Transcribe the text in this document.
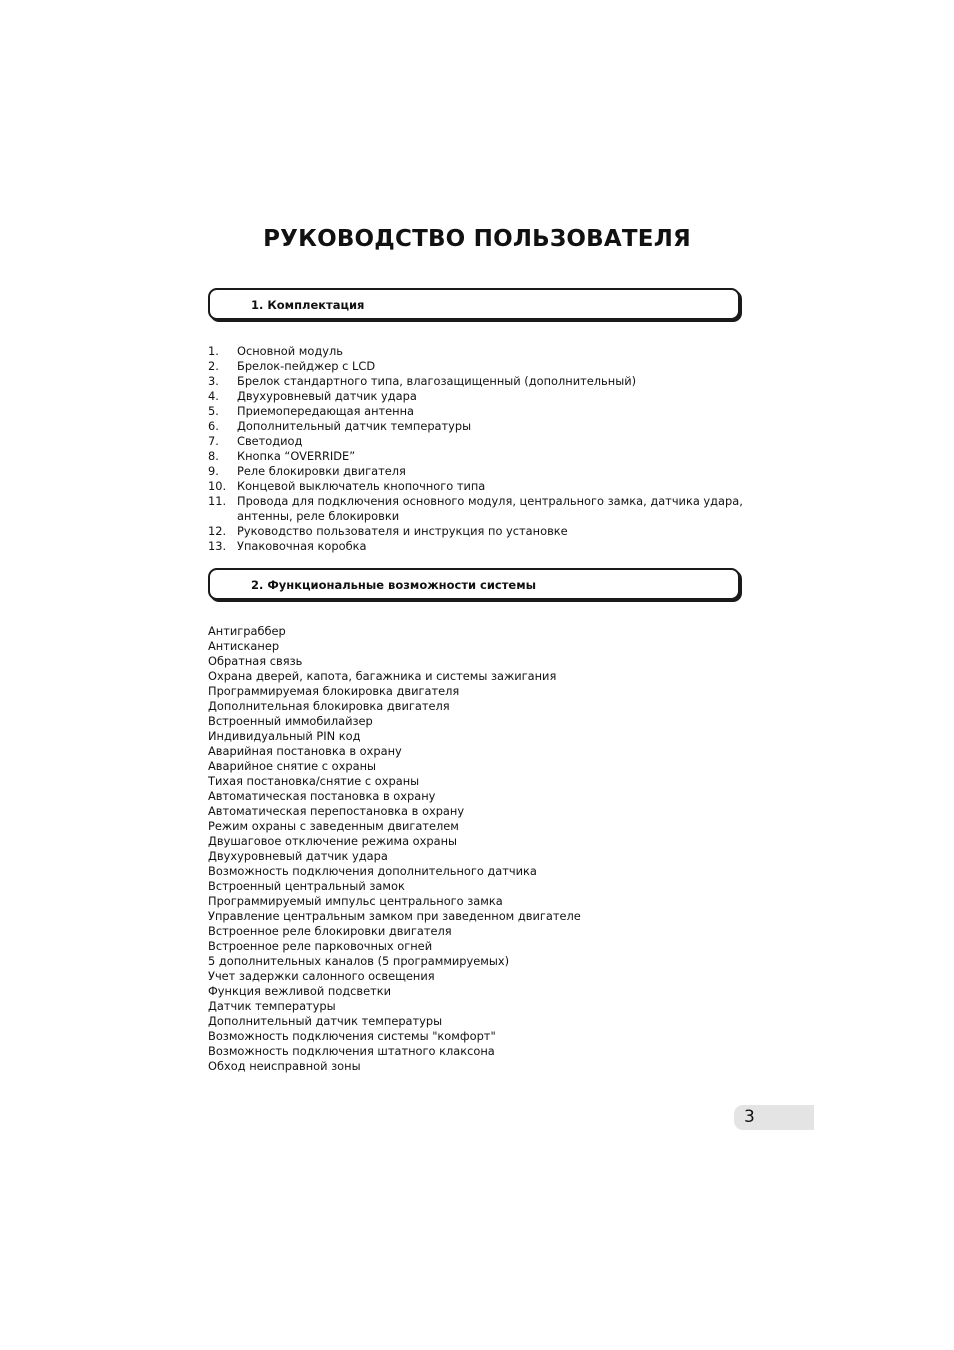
РУКОВОДСТВО ПОЛЬЗОВАТЕЛЯ
1. Комплектация
1. Основной модуль
2. Брелок-пейджер с LCD
3. Брелок стандартного типа, влагозащищенный (дополнительный)
4. Двухуровневый датчик удара
5. Приемопередающая антенна
6. Дополнительный датчик температуры
7. Светодиод
8. Кнопка “OVERRIDE”
9. Реле блокировки двигателя
10. Концевой выключатель кнопочного типа
11. Провода для подключения основного модуля, центрального замка, датчика удара, антенны, реле блокировки
12. Руководство пользователя и инструкция по установке
13. Упаковочная коробка
2. Функциональные возможности системы
Антиграббер
Антисканер
Обратная связь
Охрана дверей, капота, багажника и системы зажигания
Программируемая блокировка двигателя
Дополнительная блокировка двигателя
Встроенный иммобилайзер
Индивидуальный PIN код
Аварийная постановка в охрану
Аварийное снятие с охраны
Тихая постановка/снятие с охраны
Автоматическая постановка в охрану
Автоматическая перепостановка в охрану
Режим охраны с заведенным двигателем
Двушаговое отключение режима охраны
Двухуровневый датчик удара
Возможность подключения дополнительного датчика
Встроенный центральный замок
Программируемый импульс центрального замка
Управление центральным замком при заведенном двигателе
Встроенное реле блокировки двигателя
Встроенное реле парковочных огней
5 дополнительных каналов (5 программируемых)
Учет задержки салонного освещения
Функция вежливой подсветки
Датчик температуры
Дополнительный датчик температуры
Возможность подключения системы "комфорт"
Возможность подключения штатного клаксона
Обход неисправной зоны
3
